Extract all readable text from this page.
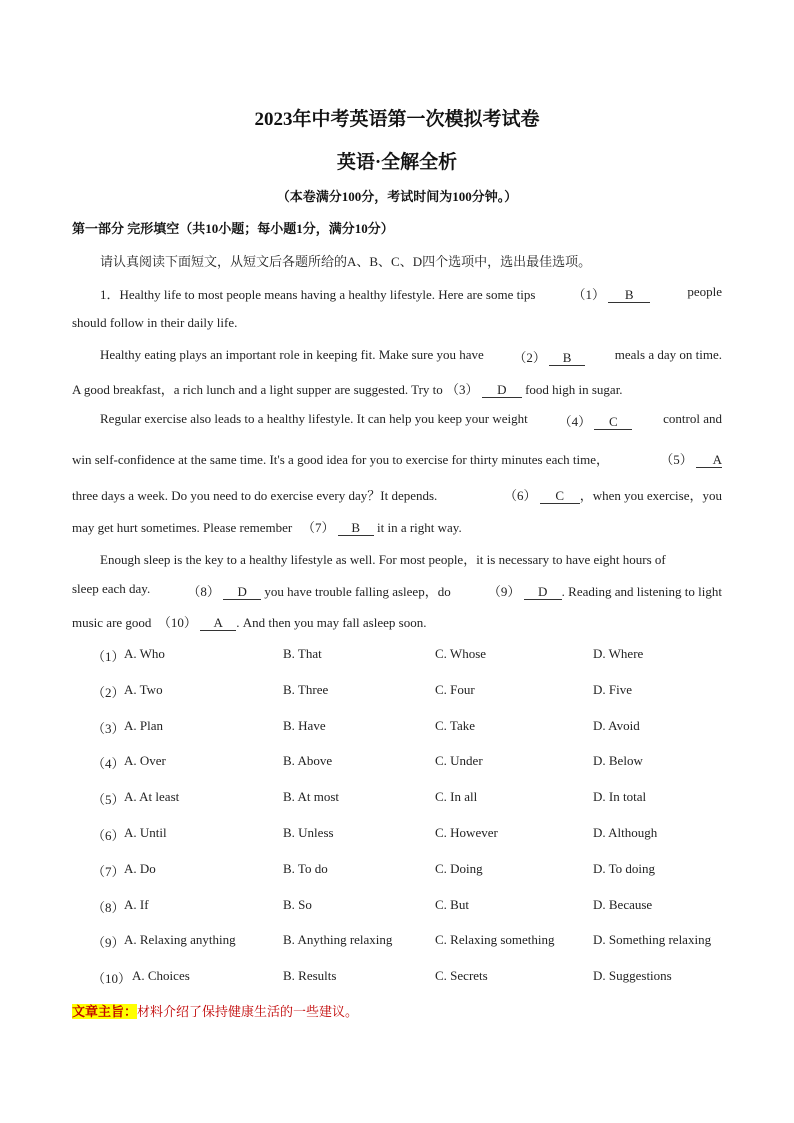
2023年中考英语第一次模拟考试卷
英语·全解全析
（本卷满分100分，考试时间为100分钟。）
第一部分 完形填空（共10小题；每小题1分，满分10分）
请认真阅读下面短文，从短文后各题所给的A、B、C、D四个选项中，选出最佳选项。
1．Healthy life to most people means having a healthy lifestyle. Here are some tips	（1） B	people
should follow in their daily life.
Healthy eating plays an important role in keeping fit. Make sure you have （2） B	meals a day on time.
A good breakfast，a rich lunch and a light supper are suggested. Try to （3） D food high in sugar.
Regular exercise also leads to a healthy lifestyle. It can help you keep your weight （4） C	control and
win self-confidence at the same time. It's a good idea for you to exercise for thirty minutes each time，	（5） A
three days a week. Do you need to do exercise every day？It depends.	（6） C ，when you exercise，you
may get hurt sometimes. Please remember （7） B it in a right way.
Enough sleep is the key to a healthy lifestyle as well. For most people，it is necessary to have eight hours of
sleep each day.	（8） D you have trouble falling asleep，do	（9） D . Reading and listening to light
music are good （10） A . And then you may fall asleep soon.
（1） A. Who	B. That	C. Whose	D. Where
（2） A. Two	B. Three	C. Four	D. Five
（3） A. Plan	B. Have	C. Take	D. Avoid
（4） A. Over	B. Above	C. Under	D. Below
（5） A. At least	B. At most	C. In all	D. In total
（6） A. Until	B. Unless	C. However	D. Although
（7） A. Do	B. To do	C. Doing	D. To doing
（8） A. If	B. So	C. But	D. Because
（9） A. Relaxing anything	B. Anything relaxing	C. Relaxing something	D. Something relaxing
（10） A. Choices	B. Results	C. Secrets	D. Suggestions
文章主旨：材料介绍了保持健康生活的一些建议。
